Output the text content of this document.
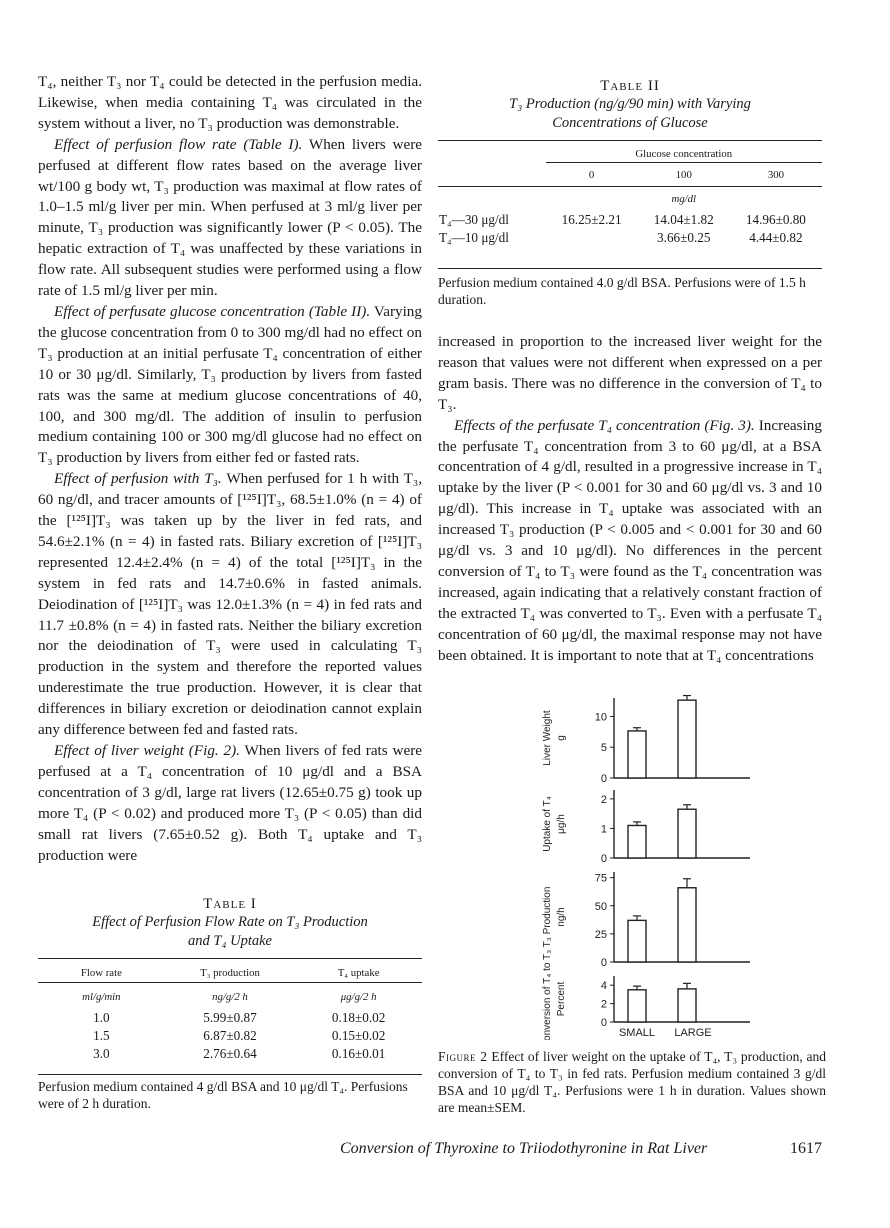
T₄, neither T₃ nor T₄ could be detected in the perfusion media. Likewise, when media containing T₄ was circulated in the system without a liver, no T₃ production was demonstrable.

Effect of perfusion flow rate (Table I). When livers were perfused at different flow rates based on the average liver wt/100 g body wt, T₃ production was maximal at flow rates of 1.0–1.5 ml/g liver per min. When perfused at 3 ml/g liver per minute, T₃ production was significantly lower (P < 0.05). The hepatic extraction of T₄ was unaffected by these variations in flow rate. All subsequent studies were performed using a flow rate of 1.5 ml/g liver per min.

Effect of perfusate glucose concentration (Table II). Varying the glucose concentration from 0 to 300 mg/dl had no effect on T₃ production at an initial perfusate T₄ concentration of either 10 or 30 μg/dl. Similarly, T₃ production by livers from fasted rats was the same at medium glucose concentrations of 40, 100, and 300 mg/dl. The addition of insulin to perfusion medium containing 100 or 300 mg/dl glucose had no effect on T₃ production by livers from either fed or fasted rats.

Effect of perfusion with T₃. When perfused for 1 h with T₃, 60 ng/dl, and tracer amounts of [¹²⁵I]T₃, 68.5±1.0% (n = 4) of the [¹²⁵I]T₃ was taken up by the liver in fed rats, and 54.6±2.1% (n = 4) in fasted rats. Biliary excretion of [¹²⁵I]T₃ represented 12.4±2.4% (n = 4) of the total [¹²⁵I]T₃ in the system in fed rats and 14.7±0.6% in fasted animals. Deiodination of [¹²⁵I]T₃ was 12.0±1.3% (n = 4) in fed rats and 11.7 ±0.8% (n = 4) in fasted rats. Neither the biliary excretion nor the deiodination of T₃ were used in calculating T₃ production in the system and therefore the reported values underestimate the true production. However, it is clear that differences in biliary excretion or deiodination cannot explain any difference between fed and fasted rats.

Effect of liver weight (Fig. 2). When livers of fed rats were perfused at a T₄ concentration of 10 μg/dl and a BSA concentration of 3 g/dl, large rat livers (12.65±0.75 g) took up more T₄ (P < 0.02) and produced more T₃ (P < 0.05) than did small rat livers (7.65±0.52 g). Both T₄ uptake and T₃ production were

Table I
Effect of Perfusion Flow Rate on T₃ Production
and T₄ Uptake
Flow rate	T₃ production	T₄ uptake
ml/g/min	ng/g/2 h	μg/g/2 h
1.0	5.99±0.87	0.18±0.02
1.5	6.87±0.82	0.15±0.02
3.0	2.76±0.64	0.16±0.01

Perfusion medium contained 4 g/dl BSA and 10 μg/dl T₄. Perfusions were of 2 h duration.
Table II
T₃ Production (ng/g/90 min) with Varying
Concentrations of Glucose
	Glucose concentration		
	0	100	300
		mg/dl	
T₄—30 μg/dl	16.25±2.21	14.04±1.82	14.96±0.80
T₄—10 μg/dl		3.66±0.25	4.44±0.82

Perfusion medium contained 4.0 g/dl BSA. Perfusions were of 1.5 h duration.

increased in proportion to the increased liver weight for the reason that values were not different when expressed on a per gram basis. There was no difference in the conversion of T₄ to T₃.

Effects of the perfusate T₄ concentration (Fig. 3). Increasing the perfusate T₄ concentration from 3 to 60 μg/dl, at a BSA concentration of 4 g/dl, resulted in a progressive increase in T₄ uptake by the liver (P < 0.001 for 30 and 60 μg/dl vs. 3 and 10 μg/dl). This increase in T₄ uptake was associated with an increased T₃ production (P < 0.005 and < 0.001 for 30 and 60 μg/dl vs. 3 and 10 μg/dl). No differences in the percent conversion of T₄ to T₃ were found as the T₄ concentration was increased, again indicating that a relatively constant fraction of the extracted T₄ was converted to T₃. Even with a perfusate T₄ concentration of 60 μg/dl, the maximal response may not have been obtained. It is important to note that at T₄ concentrations

0
5
10
Liver Weight g
0
1
2
Uptake of T₄ μg/h
0
25
50
75
T₃ Production ng/h
0
2
4
Conversion of T₄ to T₃ Percent
SMALL LARGE
Figure 2 Effect of liver weight on the uptake of T₄, T₃ production, and conversion of T₄ to T₃ in fed rats. Perfusion medium contained 3 g/dl BSA and 10 μg/dl T₄. Perfusions were 1 h in duration. Values shown are mean±SEM.
Conversion of Thyroxine to Triiodothyronine in Rat Liver	1617
